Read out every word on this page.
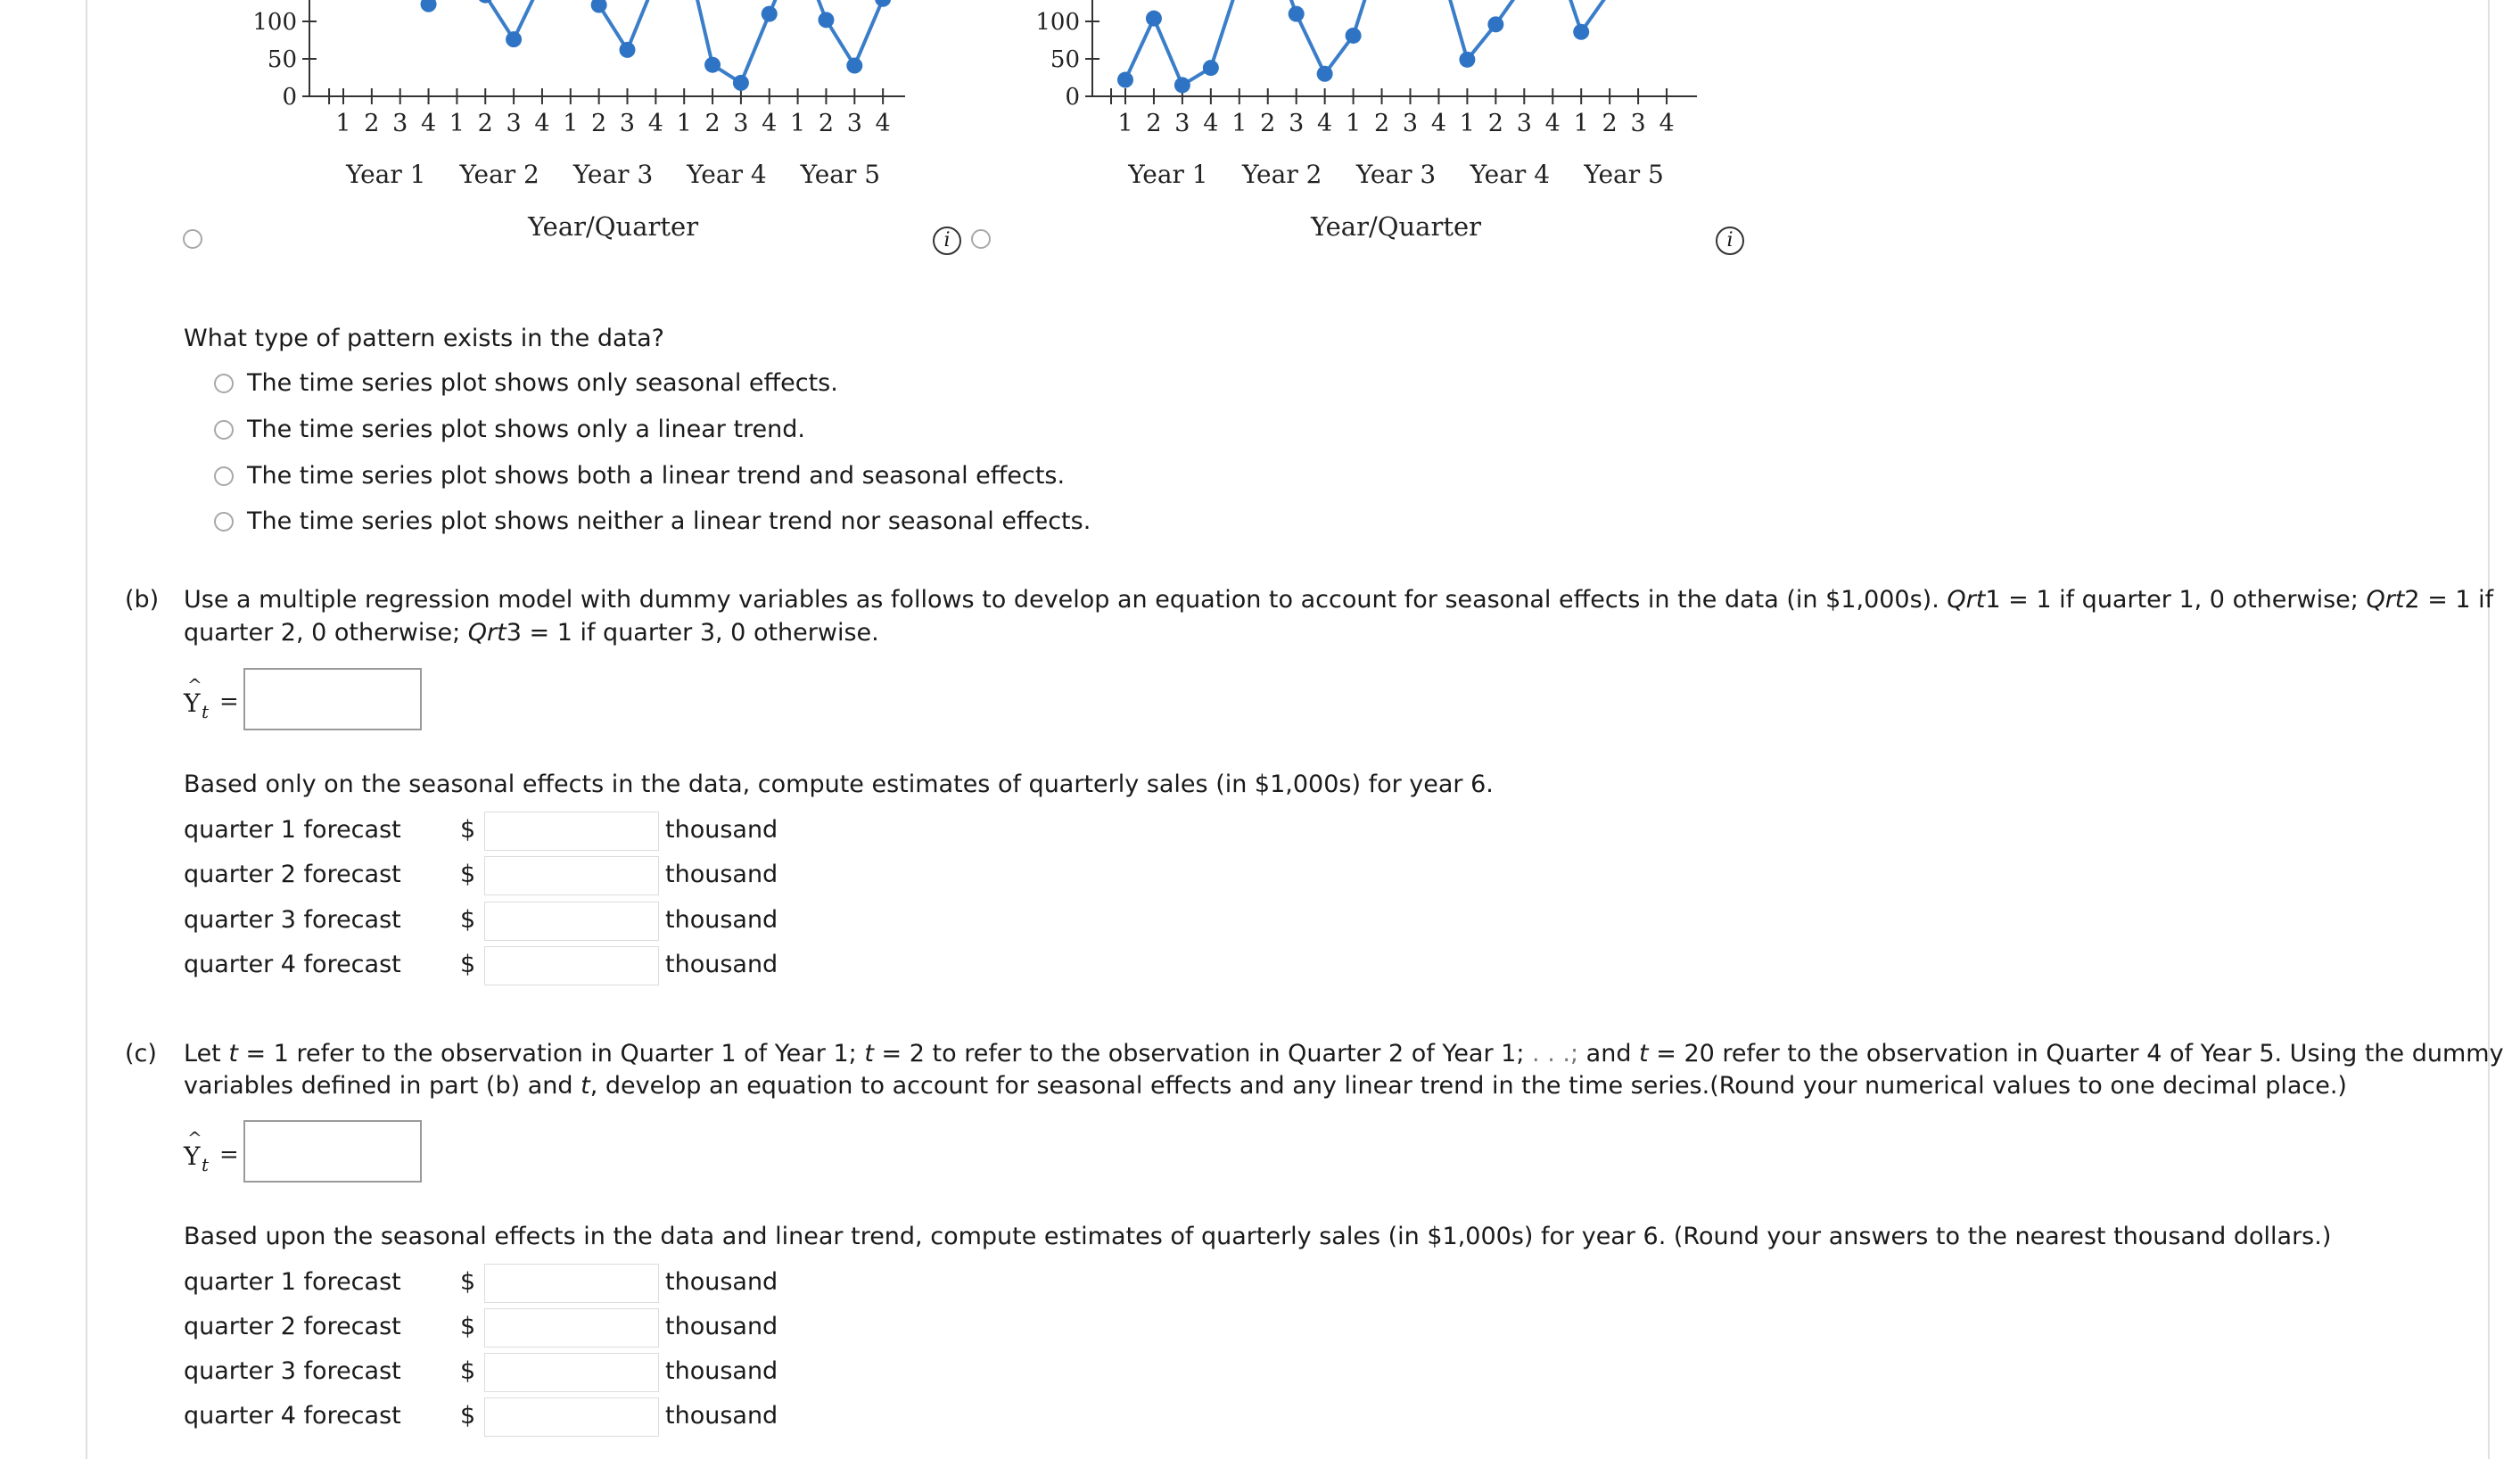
100
50
0
1 2 3 4 1 2 3 4 1 2 3 4 1 2 3 4 1 2 3 4
Year 1 Year 2 Year 3 Year 4 Year 5
Year/Quarter
100
50
0
1 2 3 4 1 2 3 4 1 2 3 4 1 2 3 4 1 2 3 4
Year 1 Year 2 Year 3 Year 4 Year 5
Year/Quarter
i	i
What type of pattern exists in the data?
The time series plot shows only seasonal effects.
The time series plot shows only a linear trend.
The time series plot shows both a linear trend and seasonal effects.
The time series plot shows neither a linear trend nor seasonal effects.
(b) Use a multiple regression model with dummy variables as follows to develop an equation to account for seasonal effects in the data (in $1,000s). Qrt1 = 1 if quarter 1, 0 otherwise; Qrt2 = 1 if
quarter 2, 0 otherwise; Qrt3 = 1 if quarter 3, 0 otherwise.
Y
^
t =
Based only on the seasonal effects in the data, compute estimates of quarterly sales (in $1,000s) for year 6.
quarter 1 forecast $	thousand
quarter 2 forecast $	thousand
quarter 3 forecast $	thousand
quarter 4 forecast $	thousand
(c) Let t = 1 refer to the observation in Quarter 1 of Year 1; t = 2 to refer to the observation in Quarter 2 of Year 1; . . .; and t = 20 refer to the observation in Quarter 4 of Year 5. Using the dummy
variables defined in part (b) and t, develop an equation to account for seasonal effects and any linear trend in the time series.(Round your numerical values to one decimal place.)
Y
^
t =
Based upon the seasonal effects in the data and linear trend, compute estimates of quarterly sales (in $1,000s) for year 6. (Round your answers to the nearest thousand dollars.)
quarter 1 forecast $	thousand
quarter 2 forecast $	thousand
quarter 3 forecast $	thousand
quarter 4 forecast $	thousand
